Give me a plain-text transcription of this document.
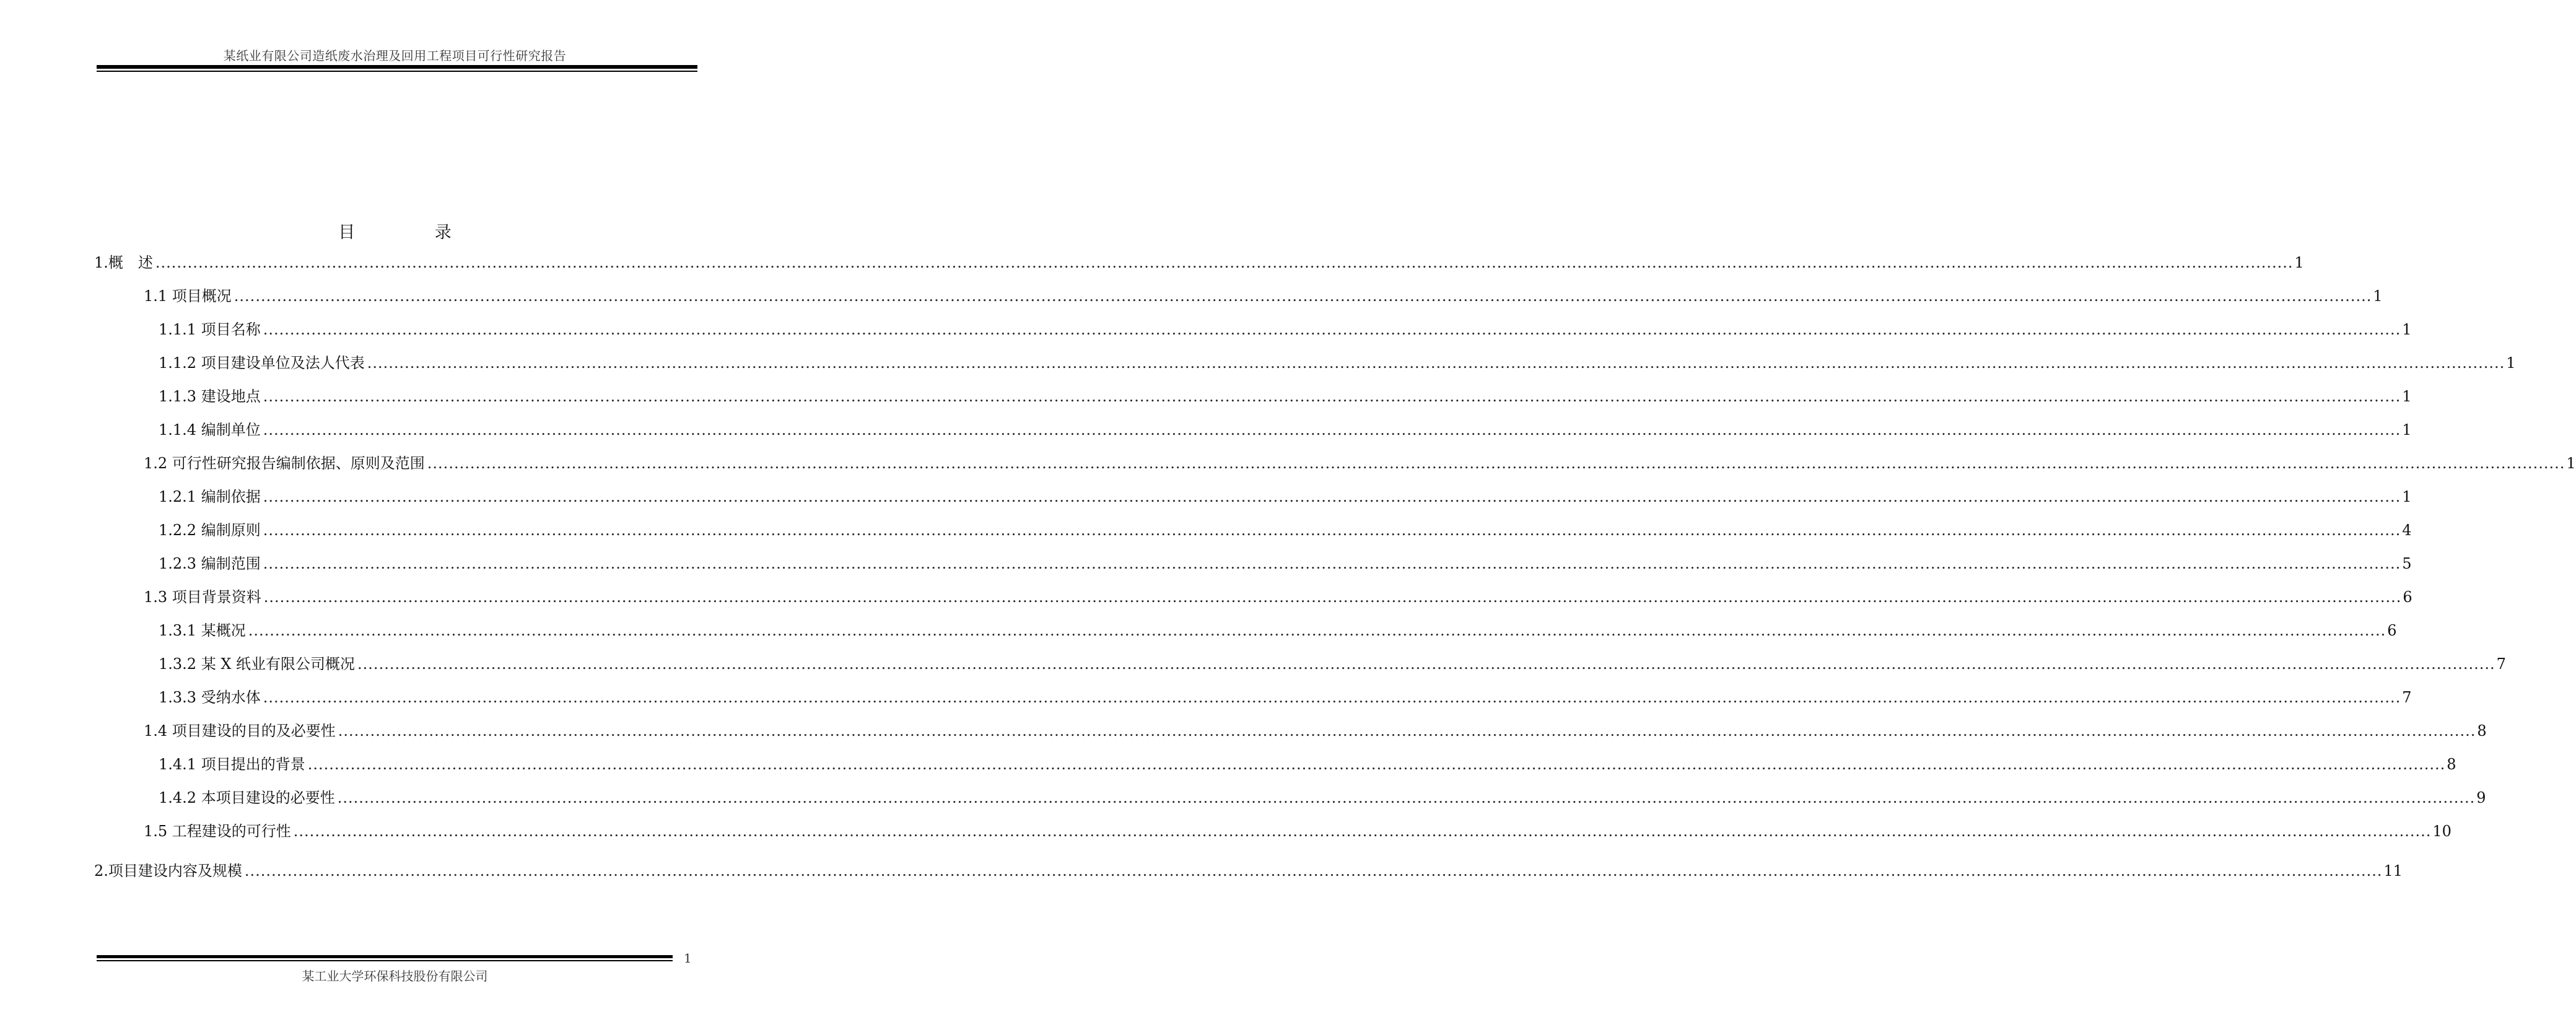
某纸业有限公司造纸废水治理及回用工程项目可行性研究报告
目 录
1.概　述 ................................................................................................................................................................................................................................................................................................................................................................................................................ 1
1.1 项目概况 ................................................................................................................................................................................................................................................................................................................................................................................................................ 1
1.1.1 项目名称 ................................................................................................................................................................................................................................................................................................................................................................................................................ 1
1.1.2 项目建设单位及法人代表 ................................................................................................................................................................................................................................................................................................................................................................................................................ 1
1.1.3 建设地点 ................................................................................................................................................................................................................................................................................................................................................................................................................ 1
1.1.4 编制单位 ................................................................................................................................................................................................................................................................................................................................................................................................................ 1
1.2 可行性研究报告编制依据、原则及范围 ................................................................................................................................................................................................................................................................................................................................................................................................................ 1
1.2.1 编制依据 ................................................................................................................................................................................................................................................................................................................................................................................................................ 1
1.2.2 编制原则 ................................................................................................................................................................................................................................................................................................................................................................................................................ 4
1.2.3 编制范围 ................................................................................................................................................................................................................................................................................................................................................................................................................ 5
1.3 项目背景资料 ................................................................................................................................................................................................................................................................................................................................................................................................................ 6
1.3.1 某概况 ................................................................................................................................................................................................................................................................................................................................................................................................................ 6
1.3.2 某 X 纸业有限公司概况 ................................................................................................................................................................................................................................................................................................................................................................................................................ 7
1.3.3 受纳水体 ................................................................................................................................................................................................................................................................................................................................................................................................................ 7
1.4 项目建设的目的及必要性 ................................................................................................................................................................................................................................................................................................................................................................................................................ 8
1.4.1 项目提出的背景 ................................................................................................................................................................................................................................................................................................................................................................................................................ 8
1.4.2 本项目建设的必要性 ................................................................................................................................................................................................................................................................................................................................................................................................................ 9
1.5 工程建设的可行性 ................................................................................................................................................................................................................................................................................................................................................................................................................ 10
2.项目建设内容及规模 ................................................................................................................................................................................................................................................................................................................................................................................................................ 11
某工业大学环保科技股份有限公司
1
